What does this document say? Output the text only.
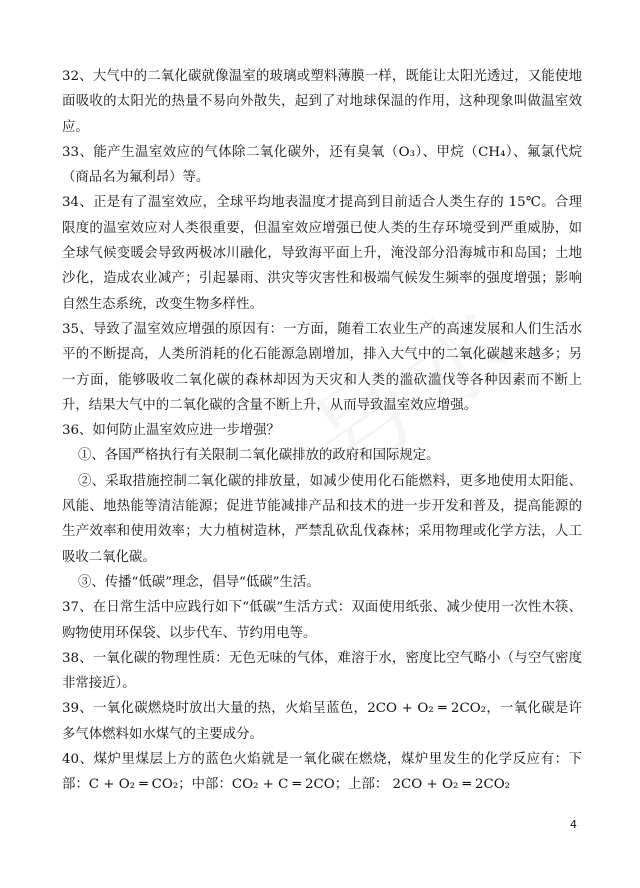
32、大气中的二氧化碳就像温室的玻璃或塑料薄膜一样，既能让太阳光透过，又能使地面吸收的太阳光的热量不易向外散失，起到了对地球保温的作用，这种现象叫做温室效应。

33、能产生温室效应的气体除二氧化碳外，还有臭氧（O₃）、甲烷（CH₄）、氟氯代烷（商品名为氟利昂）等。

34、正是有了温室效应，全球平均地表温度才提高到目前适合人类生存的 15℃。合理限度的温室效应对人类很重要，但温室效应增强已使人类的生存环境受到严重威胁，如全球气候变暖会导致两极冰川融化，导致海平面上升，淹没部分沿海城市和岛国；土地沙化，造成农业减产；引起暴雨、洪灾等灾害性和极端气候发生频率的强度增强；影响自然生态系统，改变生物多样性。

35、导致了温室效应增强的原因有：一方面，随着工农业生产的高速发展和人们生活水平的不断提高，人类所消耗的化石能源急剧增加，排入大气中的二氧化碳越来越多；另一方面，能够吸收二氧化碳的森林却因为天灾和人类的滥砍滥伐等各种因素而不断上升，结果大气中的二氧化碳的含量不断上升，从而导致温室效应增强。

36、如何防止温室效应进一步增强？

①、各国严格执行有关限制二氧化碳排放的政府和国际规定。

②、采取措施控制二氧化碳的排放量，如减少使用化石能燃料，更多地使用太阳能、风能、地热能等清洁能源；促进节能减排产品和技术的进一步开发和普及，提高能源的生产效率和使用效率；大力植树造林，严禁乱砍乱伐森林；采用物理或化学方法，人工吸收二氧化碳。

③、传播“低碳”理念，倡导“低碳”生活。

37、在日常生活中应践行如下“低碳”生活方式：双面使用纸张、减少使用一次性木筷、购物使用环保袋、以步代车、节约用电等。

38、一氧化碳的物理性质：无色无味的气体，难溶于水，密度比空气略小（与空气密度非常接近）。

39、一氧化碳燃烧时放出大量的热，火焰呈蓝色，2CO + O₂ ═ 2CO₂，一氧化碳是许多气体燃料如水煤气的主要成分。

40、煤炉里煤层上方的蓝色火焰就是一氧化碳在燃烧，煤炉里发生的化学反应有：下部：C + O₂ ═ CO₂；中部：CO₂ + C ═ 2CO；上部： 2CO + O₂ ═ 2CO₂

4
